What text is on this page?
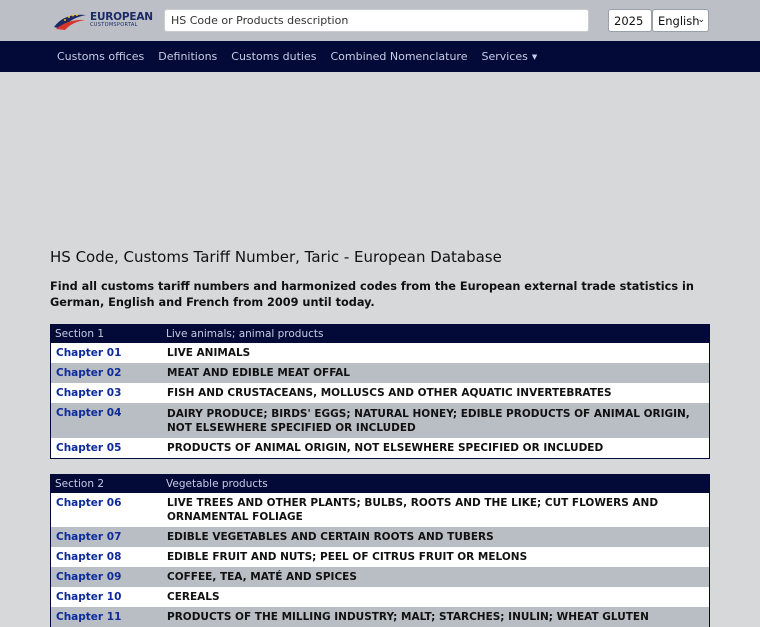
EUROPEAN
CUSTOMSPORTAL
HS Code or Products description	2025 English
⌄
Customs offices	Definitions	Customs duties	Combined Nomenclature	Services ▼
HS Code, Customs Tariff Number, Taric - European Database

Find all customs tariff numbers and harmonized codes from the European external trade statistics in German, English and French from 2009 until today.

Section 1	Live animals; animal products
Chapter 01	LIVE ANIMALS
Chapter 02	MEAT AND EDIBLE MEAT OFFAL
Chapter 03	FISH AND CRUSTACEANS, MOLLUSCS AND OTHER AQUATIC INVERTEBRATES
Chapter 04	DAIRY PRODUCE; BIRDS' EGGS; NATURAL HONEY; EDIBLE PRODUCTS OF ANIMAL ORIGIN, NOT ELSEWHERE SPECIFIED OR INCLUDED
Chapter 05	PRODUCTS OF ANIMAL ORIGIN, NOT ELSEWHERE SPECIFIED OR INCLUDED
Section 2	Vegetable products
Chapter 06	LIVE TREES AND OTHER PLANTS; BULBS, ROOTS AND THE LIKE; CUT FLOWERS AND ORNAMENTAL FOLIAGE
Chapter 07	EDIBLE VEGETABLES AND CERTAIN ROOTS AND TUBERS
Chapter 08	EDIBLE FRUIT AND NUTS; PEEL OF CITRUS FRUIT OR MELONS
Chapter 09	COFFEE, TEA, MATÉ AND SPICES
Chapter 10	CEREALS
Chapter 11	PRODUCTS OF THE MILLING INDUSTRY; MALT; STARCHES; INULIN; WHEAT GLUTEN
